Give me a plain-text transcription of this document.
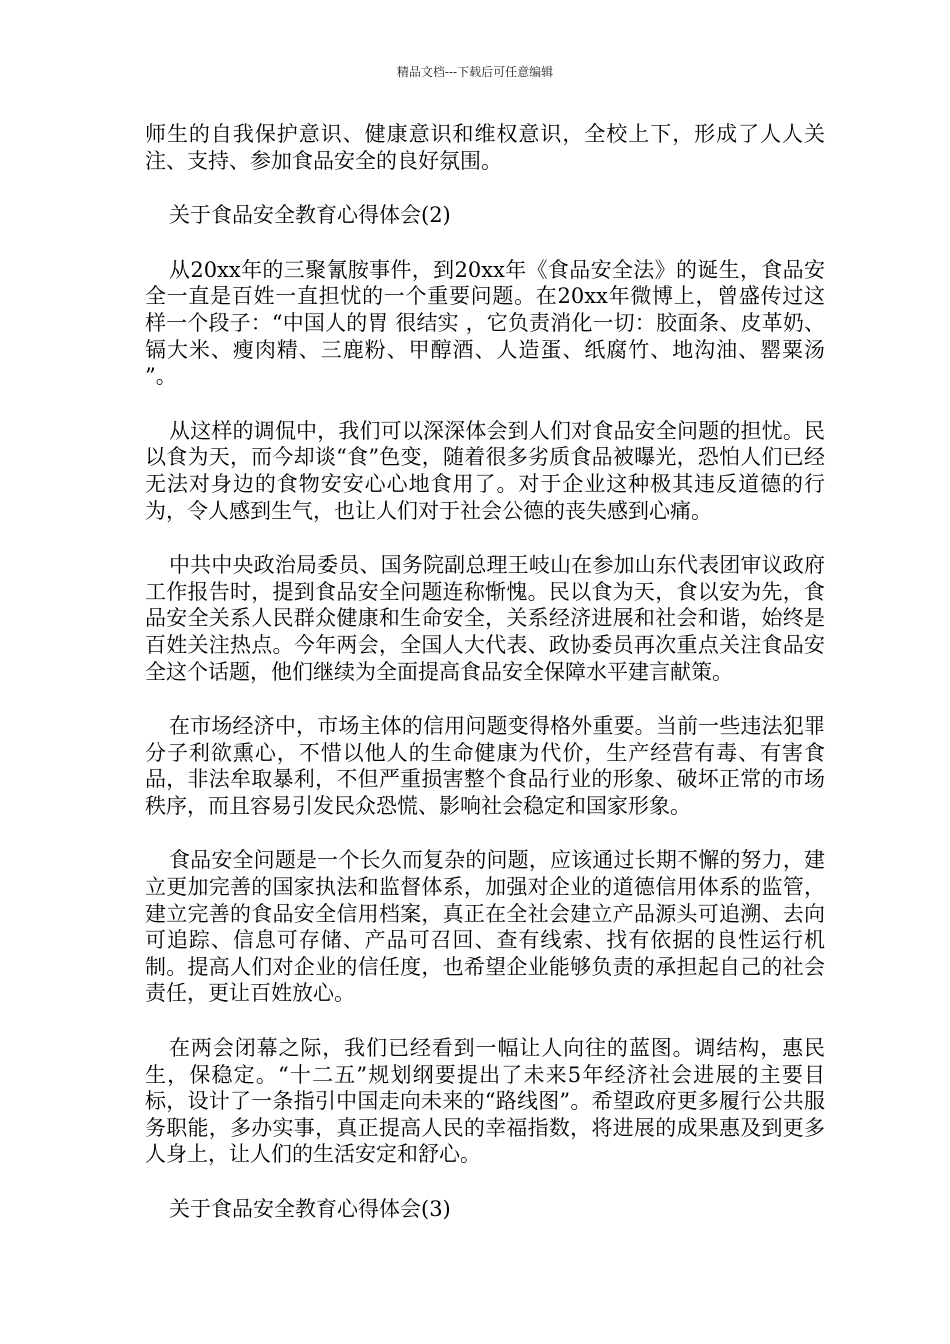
精品文档---下载后可任意编辑

师生的自我保护意识、健康意识和维权意识，全校上下，形成了人人关注、支持、参加食品安全的良好氛围。

关于食品安全教育心得体会(2)

从20xx年的三聚氰胺事件，到20xx年《食品安全法》的诞生，食品安全一直是百姓一直担忧的一个重要问题。在20xx年微博上，曾盛传过这样一个段子：“中国人的胃 很结实 ，它负责消化一切：胶面条、皮革奶、镉大米、瘦肉精、三鹿粉、甲醇酒、人造蛋、纸腐竹、地沟油、罂粟汤 ”。

从这样的调侃中，我们可以深深体会到人们对食品安全问题的担忧。民以食为天，而今却谈“食”色变，随着很多劣质食品被曝光，恐怕人们已经无法对身边的食物安安心心地食用了。对于企业这种极其违反道德的行为，令人感到生气，也让人们对于社会公德的丧失感到心痛。

中共中央政治局委员、国务院副总理王岐山在参加山东代表团审议政府工作报告时，提到食品安全问题连称惭愧。民以食为天，食以安为先，食品安全关系人民群众健康和生命安全，关系经济进展和社会和谐，始终是百姓关注热点。今年两会，全国人大代表、政协委员再次重点关注食品安全这个话题，他们继续为全面提高食品安全保障水平建言献策。

在市场经济中，市场主体的信用问题变得格外重要。当前一些违法犯罪分子利欲熏心，不惜以他人的生命健康为代价，生产经营有毒、有害食品，非法牟取暴利，不但严重损害整个食品行业的形象、破坏正常的市场秩序，而且容易引发民众恐慌、影响社会稳定和国家形象。

食品安全问题是一个长久而复杂的问题，应该通过长期不懈的努力，建立更加完善的国家执法和监督体系，加强对企业的道德信用体系的监管，建立完善的食品安全信用档案，真正在全社会建立产品源头可追溯、去向可追踪、信息可存储、产品可召回、查有线索、找有依据的良性运行机制。提高人们对企业的信任度，也希望企业能够负责的承担起自己的社会责任，更让百姓放心。

在两会闭幕之际，我们已经看到一幅让人向往的蓝图。调结构，惠民生，保稳定。“十二五”规划纲要提出了未来5年经济社会进展的主要目标，设计了一条指引中国走向未来的“路线图”。希望政府更多履行公共服务职能，多办实事，真正提高人民的幸福指数，将进展的成果惠及到更多人身上，让人们的生活安定和舒心。

关于食品安全教育心得体会(3)
